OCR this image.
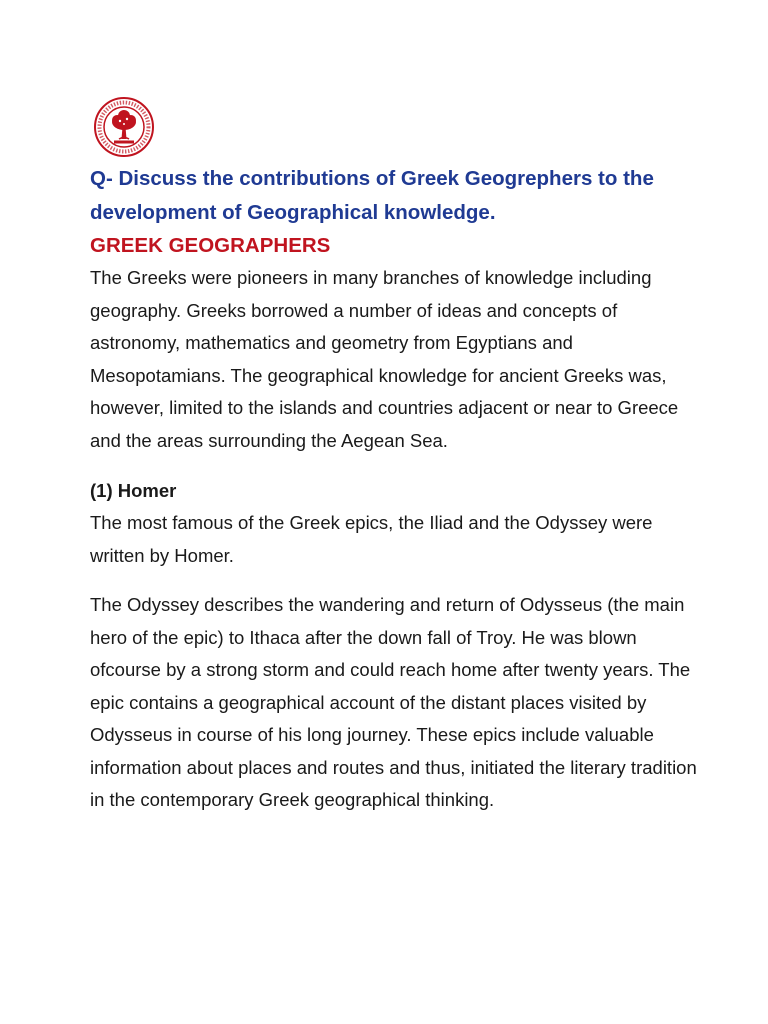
Q- Discuss the contributions of Greek Geogrephers to the development of Geographical knowledge.
GREEK GEOGRAPHERS

The Greeks were pioneers in many branches of knowledge including geography. Greeks borrowed a number of ideas and concepts of astronomy, mathematics and geometry from Egyptians and Mesopotamians. The geographical knowledge for ancient Greeks was, however, limited to the islands and countries adjacent or near to Greece and the areas surrounding the Aegean Sea.

(1) Homer

The most famous of the Greek epics, the Iliad and the Odyssey were written by Homer.

The Odyssey describes the wandering and return of Odysseus (the main hero of the epic) to Ithaca after the down fall of Troy. He was blown ofcourse by a strong storm and could reach home after twenty years. The epic contains a geographical account of the distant places visited by Odysseus in course of his long journey. These epics include valuable information about places and routes and thus, initiated the literary tradition in the contemporary Greek geographical thinking.
